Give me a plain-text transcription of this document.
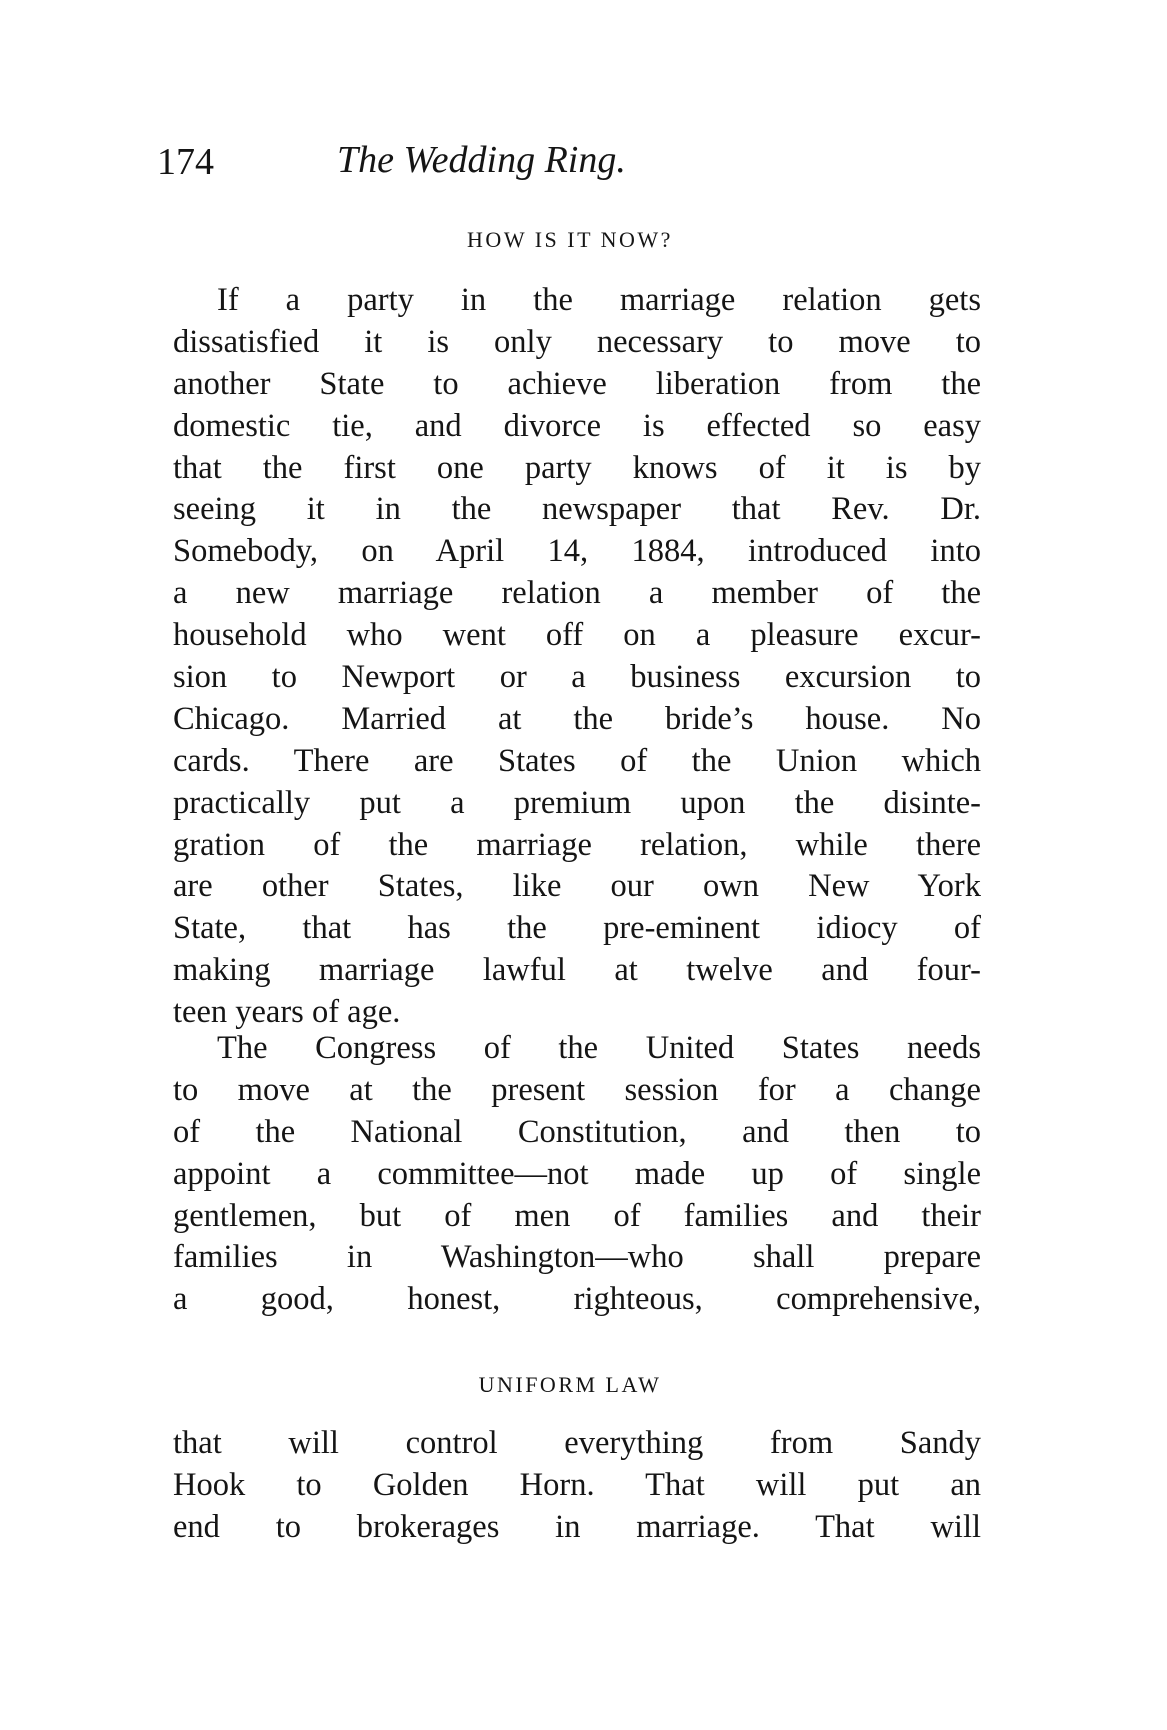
174	The Wedding Ring.
HOW IS IT NOW?
If a party in the marriage relation gets
dissatisfied it is only necessary to move to
another State to achieve liberation from the
domestic tie, and divorce is effected so easy
that the first one party knows of it is by
seeing it in the newspaper that Rev. Dr.
Somebody, on April 14, 1884, introduced into
a new marriage relation a member of the
household who went off on a pleasure excur-
sion to Newport or a business excursion to
Chicago. Married at the bride’s house. No
cards. There are States of the Union which
practically put a premium upon the disinte-
gration of the marriage relation, while there
are other States, like our own New York
State, that has the pre-eminent idiocy of
making marriage lawful at twelve and four-
teen years of age.
The Congress of the United States needs
to move at the present session for a change
of the National Constitution, and then to
appoint a committee—not made up of single
gentlemen, but of men of families and their
families in Washington—who shall prepare
a good, honest, righteous, comprehensive,
UNIFORM LAW
that will control everything from Sandy
Hook to Golden Horn. That will put an
end to brokerages in marriage. That will
